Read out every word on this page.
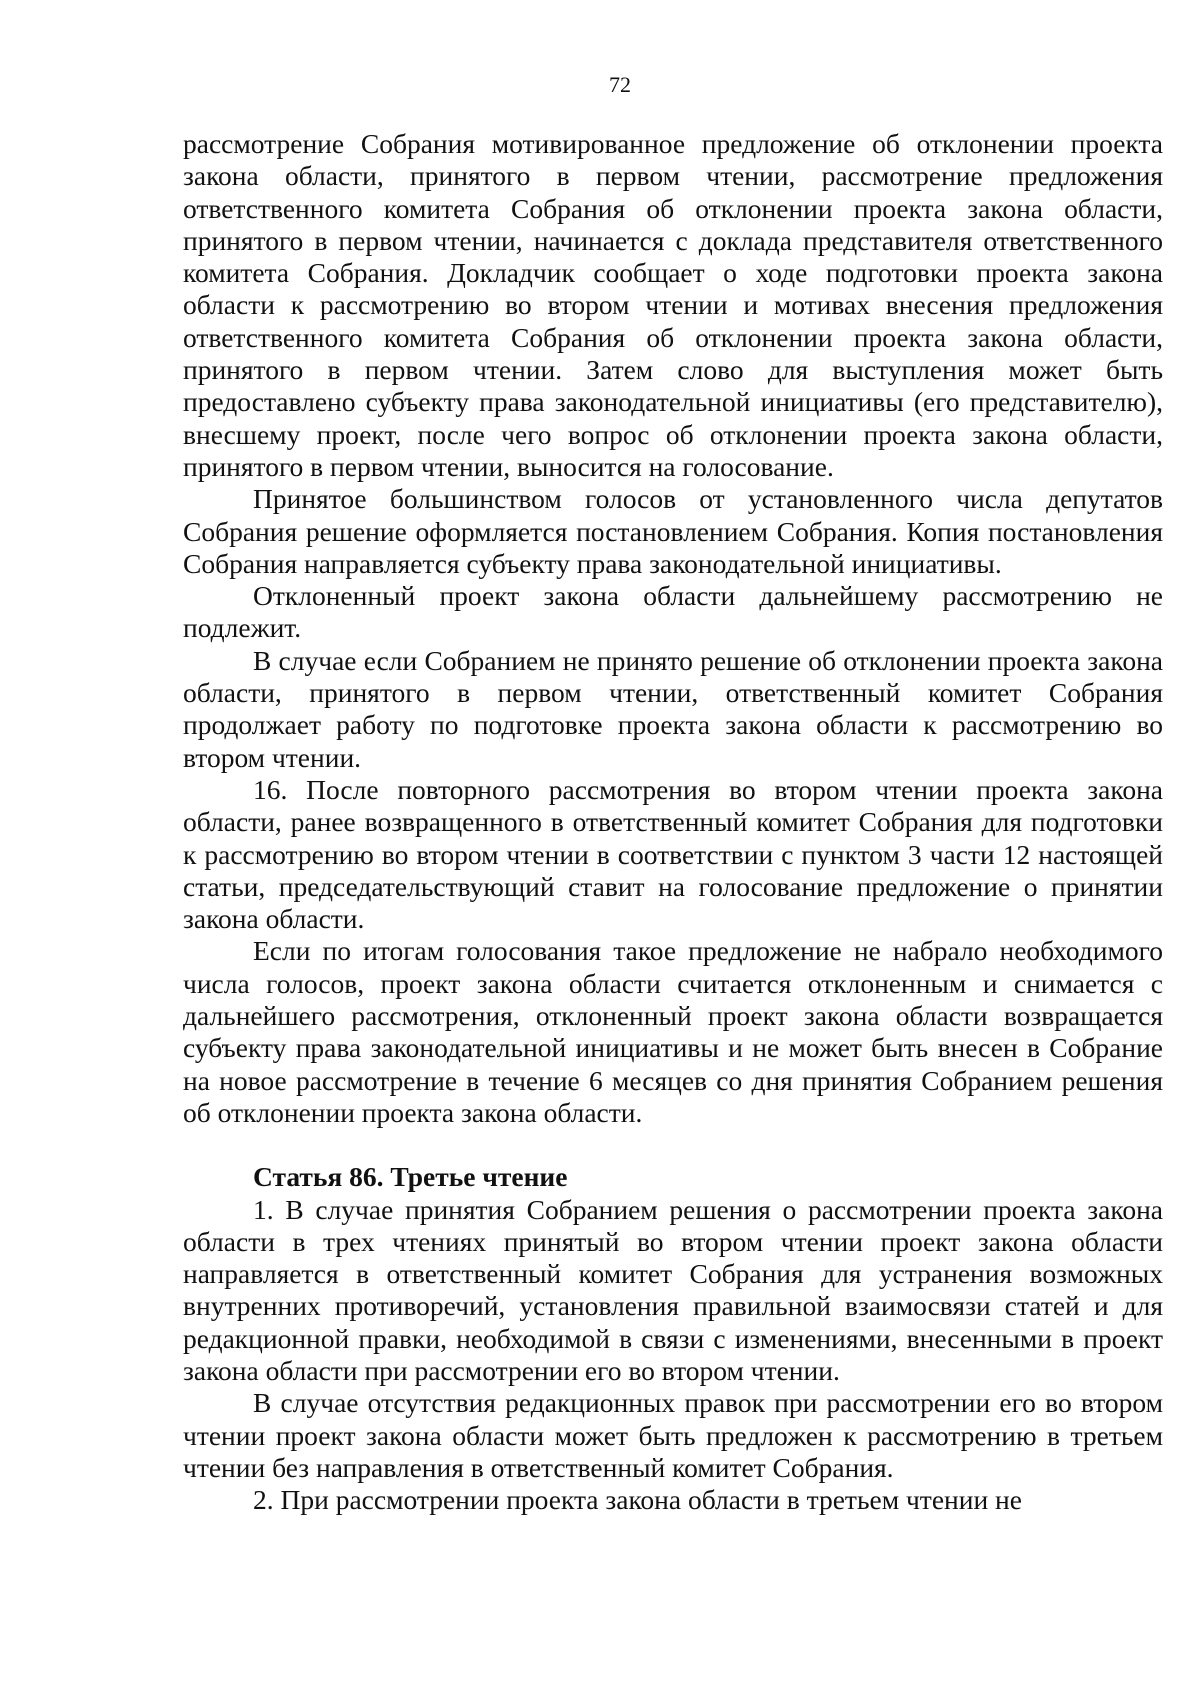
72

рассмотрение Собрания мотивированное предложение об отклонении проекта закона области, принятого в первом чтении, рассмотрение предложения ответственного комитета Собрания об отклонении проекта закона области, принятого в первом чтении, начинается с доклада представителя ответственного комитета Собрания. Докладчик сообщает о ходе подготовки проекта закона области к рассмотрению во втором чтении и мотивах внесения предложения ответственного комитета Собрания об отклонении проекта закона области, принятого в первом чтении. Затем слово для выступления может быть предоставлено субъекту права законодательной инициативы (его представителю), внесшему проект, после чего вопрос об отклонении проекта закона области, принятого в первом чтении, выносится на голосование.

Принятое большинством голосов от установленного числа депутатов Собрания решение оформляется постановлением Собрания. Копия постановления Собрания направляется субъекту права законодательной инициативы.

Отклоненный проект закона области дальнейшему рассмотрению не подлежит.

В случае если Собранием не принято решение об отклонении проекта закона области, принятого в первом чтении, ответственный комитет Собрания продолжает работу по подготовке проекта закона области к рассмотрению во втором чтении.

16. После повторного рассмотрения во втором чтении проекта закона области, ранее возвращенного в ответственный комитет Собрания для подготовки к рассмотрению во втором чтении в соответствии с пунктом 3 части 12 настоящей статьи, председательствующий ставит на голосование предложение о принятии закона области.

Если по итогам голосования такое предложение не набрало необходимого числа голосов, проект закона области считается отклоненным и снимается с дальнейшего рассмотрения, отклоненный проект закона области возвращается субъекту права законодательной инициативы и не может быть внесен в Собрание на новое рассмотрение в течение 6 месяцев со дня принятия Собранием решения об отклонении проекта закона области.

Статья 86. Третье чтение

1. В случае принятия Собранием решения о рассмотрении проекта закона области в трех чтениях принятый во втором чтении проект закона области направляется в ответственный комитет Собрания для устранения возможных внутренних противоречий, установления правильной взаимосвязи статей и для редакционной правки, необходимой в связи с изменениями, внесенными в проект закона области при рассмотрении его во втором чтении.

В случае отсутствия редакционных правок при рассмотрении его во втором чтении проект закона области может быть предложен к рассмотрению в третьем чтении без направления в ответственный комитет Собрания.

2. При рассмотрении проекта закона области в третьем чтении не
